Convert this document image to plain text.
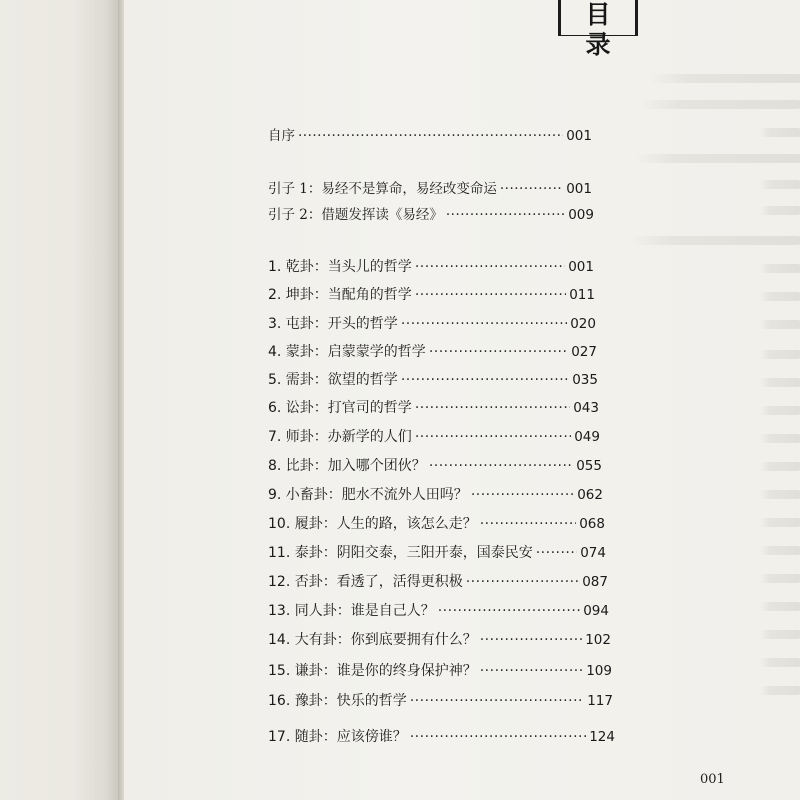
目 录
自序 ·····	001
引子 1：易经不是算命，易经改变命运 ·····	001
引子 2：借题发挥读《易经》 ·····	009
1. 乾卦：当头儿的哲学 ·····	001
2. 坤卦：当配角的哲学 ·····	011
3. 屯卦：开头的哲学 ·····	020
4. 蒙卦：启蒙蒙学的哲学 ·····	027
5. 需卦：欲望的哲学 ·····	035
6. 讼卦：打官司的哲学 ·····	043
7. 师卦：办新学的人们 ·····	049
8. 比卦：加入哪个团伙？ ·····	055
9. 小畜卦：肥水不流外人田吗？ ·····	062
10. 履卦：人生的路，该怎么走？ ·····	068
11. 泰卦：阴阳交泰，三阳开泰，国泰民安 ·····	074
12. 否卦：看透了，活得更积极 ·····	087
13. 同人卦：谁是自己人？ ·····	094
14. 大有卦：你到底要拥有什么？ ·····	102
15. 谦卦：谁是你的终身保护神？ ·····	109
16. 豫卦：快乐的哲学 ·····	117
17. 随卦：应该傍谁？ ·····	124
001
